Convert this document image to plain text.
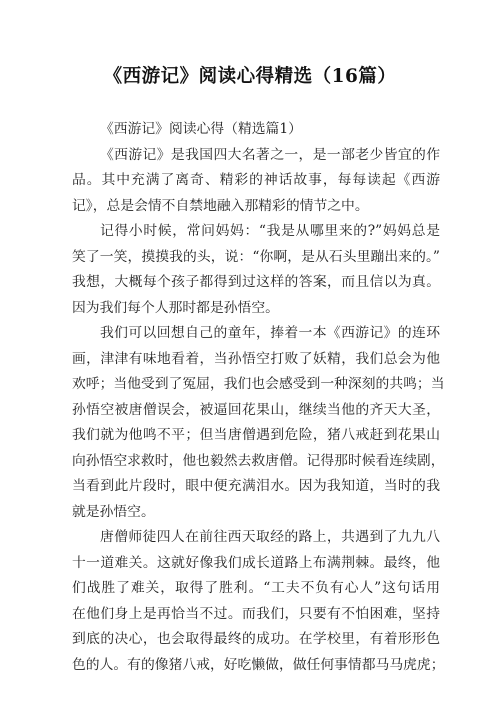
《西游记》阅读心得精选（16篇）
《西游记》阅读心得（精选篇1）
《西游记》是我国四大名著之一，是一部老少皆宜的作
品。其中充满了离奇、精彩的神话故事，每每读起《西游
记》，总是会情不自禁地融入那精彩的情节之中。
记得小时候，常问妈妈：“我是从哪里来的?”妈妈总是
笑了一笑，摸摸我的头，说：“你啊，是从石头里蹦出来的。”
我想，大概每个孩子都得到过这样的答案，而且信以为真。
因为我们每个人那时都是孙悟空。
我们可以回想自己的童年，捧着一本《西游记》的连环
画，津津有味地看着，当孙悟空打败了妖精，我们总会为他
欢呼；当他受到了冤屈，我们也会感受到一种深刻的共鸣；当
孙悟空被唐僧误会，被逼回花果山，继续当他的齐天大圣，
我们就为他鸣不平；但当唐僧遇到危险，猪八戒赶到花果山
向孙悟空求救时，他也毅然去救唐僧。记得那时候看连续剧，
当看到此片段时，眼中便充满泪水。因为我知道，当时的我
就是孙悟空。
唐僧师徒四人在前往西天取经的路上，共遇到了九九八
十一道难关。这就好像我们成长道路上布满荆棘。最终，他
们战胜了难关，取得了胜利。“工夫不负有心人”这句话用
在他们身上是再恰当不过。而我们，只要有不怕困难，坚持
到底的决心，也会取得最终的成功。在学校里，有着形形色
色的人。有的像猪八戒，好吃懒做，做任何事情都马马虎虎；
